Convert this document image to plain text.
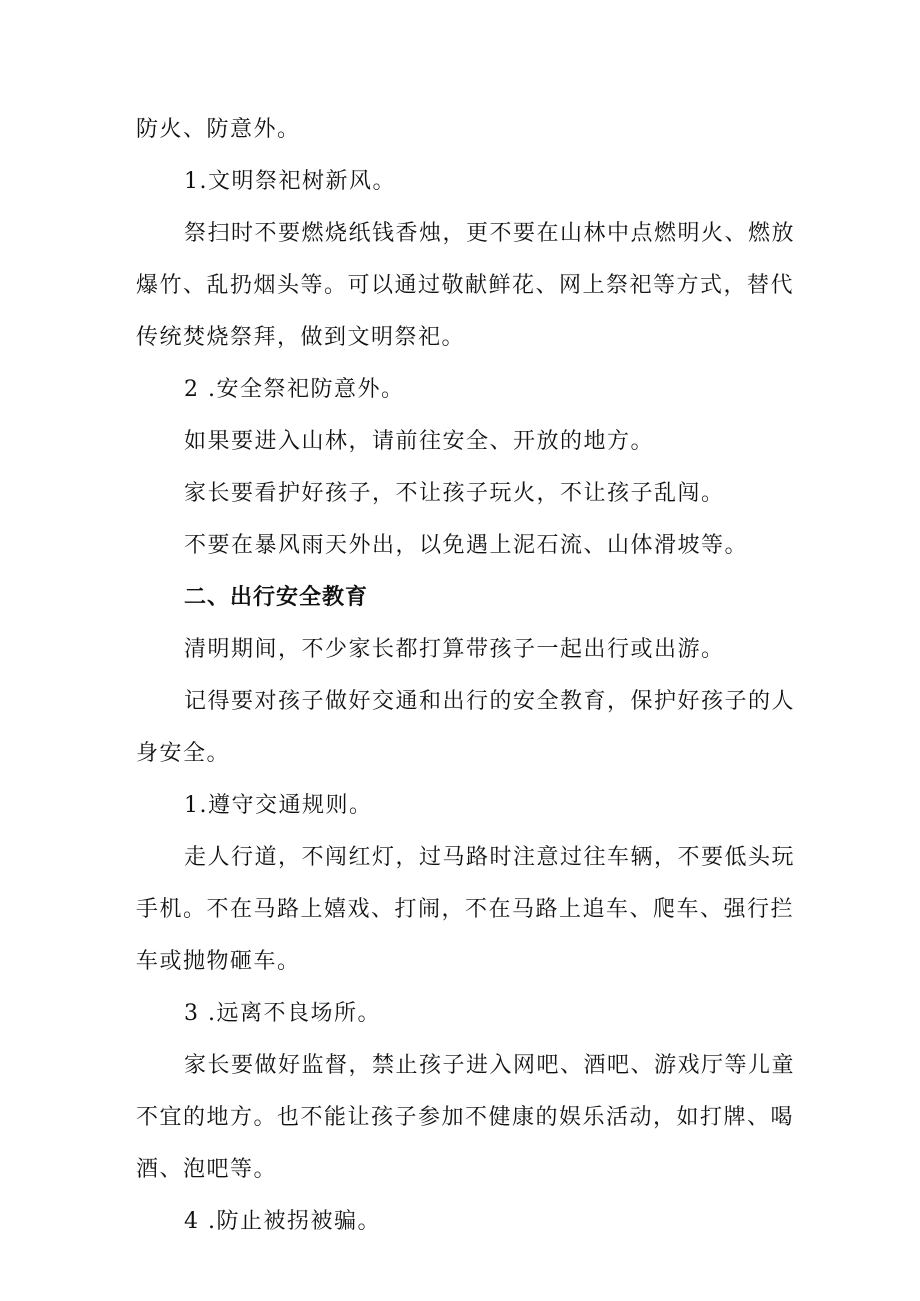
防火、防意外。

1.文明祭祀树新风。

祭扫时不要燃烧纸钱香烛，更不要在山林中点燃明火、燃放爆竹、乱扔烟头等。可以通过敬献鲜花、网上祭祀等方式，替代传统焚烧祭拜，做到文明祭祀。

2 .安全祭祀防意外。

如果要进入山林，请前往安全、开放的地方。

家长要看护好孩子，不让孩子玩火，不让孩子乱闯。

不要在暴风雨天外出，以免遇上泥石流、山体滑坡等。

二、出行安全教育

清明期间，不少家长都打算带孩子一起出行或出游。

记得要对孩子做好交通和出行的安全教育，保护好孩子的人身安全。

1.遵守交通规则。

走人行道，不闯红灯，过马路时注意过往车辆，不要低头玩手机。不在马路上嬉戏、打闹，不在马路上追车、爬车、强行拦车或抛物砸车。

3 .远离不良场所。

家长要做好监督，禁止孩子进入网吧、酒吧、游戏厅等儿童不宜的地方。也不能让孩子参加不健康的娱乐活动，如打牌、喝酒、泡吧等。

4 .防止被拐被骗。
